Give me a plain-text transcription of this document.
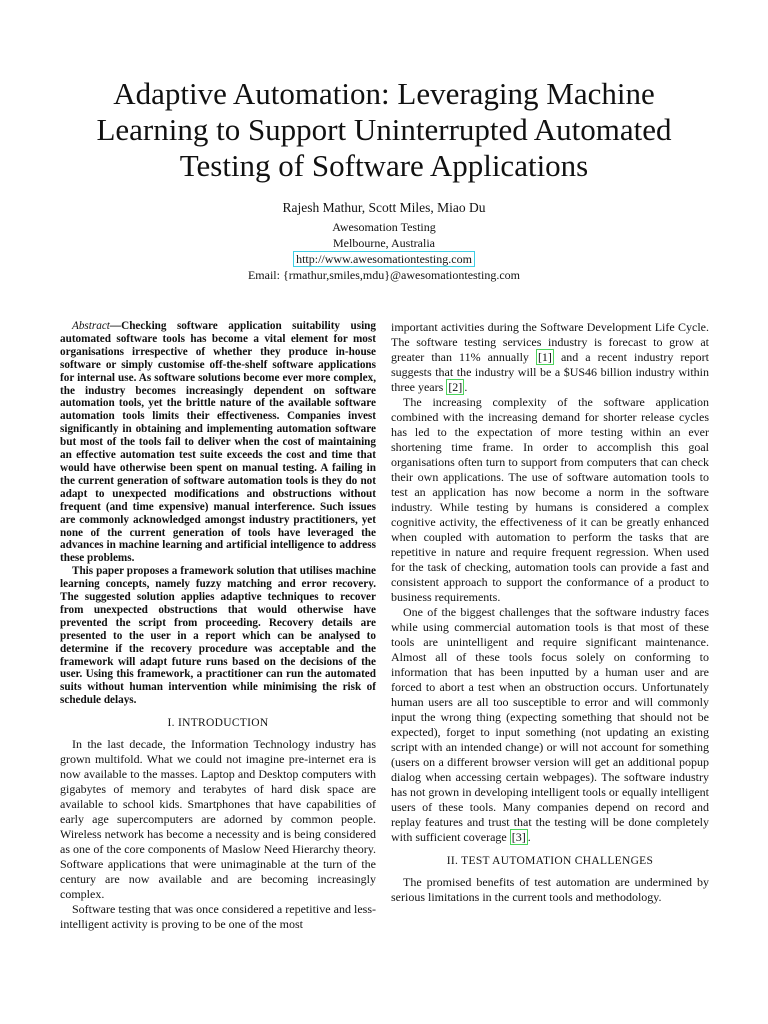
Adaptive Automation: Leveraging Machine
Learning to Support Uninterrupted Automated
Testing of Software Applications
Rajesh Mathur, Scott Miles, Miao Du
Awesomation Testing
Melbourne, Australia
http://www.awesomationtesting.com
Email: {rmathur,smiles,mdu}@awesomationtesting.com

Abstract—Checking software application suitability using automated software tools has become a vital element for most organisations irrespective of whether they produce in-house software or simply customise off-the-shelf software applications for internal use. As software solutions become ever more complex, the industry becomes increasingly dependent on software automation tools, yet the brittle nature of the available software automation tools limits their effectiveness. Companies invest significantly in obtaining and implementing automation software but most of the tools fail to deliver when the cost of maintaining an effective automation test suite exceeds the cost and time that would have otherwise been spent on manual testing. A failing in the current generation of software automation tools is they do not adapt to unexpected modifications and obstructions without frequent (and time expensive) manual interference. Such issues are commonly acknowledged amongst industry practitioners, yet none of the current generation of tools have leveraged the advances in machine learning and artificial intelligence to address these problems.

This paper proposes a framework solution that utilises machine learning concepts, namely fuzzy matching and error recovery. The suggested solution applies adaptive techniques to recover from unexpected obstructions that would otherwise have prevented the script from proceeding. Recovery details are presented to the user in a report which can be analysed to determine if the recovery procedure was acceptable and the framework will adapt future runs based on the decisions of the user. Using this framework, a practitioner can run the automated suits without human intervention while minimising the risk of schedule delays.

I. INTRODUCTION

In the last decade, the Information Technology industry has grown multifold. What we could not imagine pre-internet era is now available to the masses. Laptop and Desktop computers with gigabytes of memory and terabytes of hard disk space are available to school kids. Smartphones that have capabilities of early age supercomputers are adorned by common people. Wireless network has become a necessity and is being considered as one of the core components of Maslow Need Hierarchy theory. Software applications that were unimaginable at the turn of the century are now available and are becoming increasingly complex.

Software testing that was once considered a repetitive and less-intelligent activity is proving to be one of the most

important activities during the Software Development Life Cycle. The software testing services industry is forecast to grow at greater than 11% annually [1] and a recent industry report suggests that the industry will be a $US46 billion industry within three years [2] .

The increasing complexity of the software application combined with the increasing demand for shorter release cycles has led to the expectation of more testing within an ever shortening time frame. In order to accomplish this goal organisations often turn to support from computers that can check their own applications. The use of software automation tools to test an application has now become a norm in the software industry. While testing by humans is considered a complex cognitive activity, the effectiveness of it can be greatly enhanced when coupled with automation to perform the tasks that are repetitive in nature and require frequent regression. When used for the task of checking, automation tools can provide a fast and consistent approach to support the conformance of a product to business requirements.

One of the biggest challenges that the software industry faces while using commercial automation tools is that most of these tools are unintelligent and require significant maintenance. Almost all of these tools focus solely on conforming to information that has been inputted by a human user and are forced to abort a test when an obstruction occurs. Unfortunately human users are all too susceptible to error and will commonly input the wrong thing (expecting something that should not be expected), forget to input something (not updating an existing script with an intended change) or will not account for something (users on a different browser version will get an additional popup dialog when accessing certain webpages). The software industry has not grown in developing intelligent tools or equally intelligent users of these tools. Many companies depend on record and replay features and trust that the testing will be done completely with sufficient coverage [3] .

II. TEST AUTOMATION CHALLENGES

The promised benefits of test automation are undermined by serious limitations in the current tools and methodology.
